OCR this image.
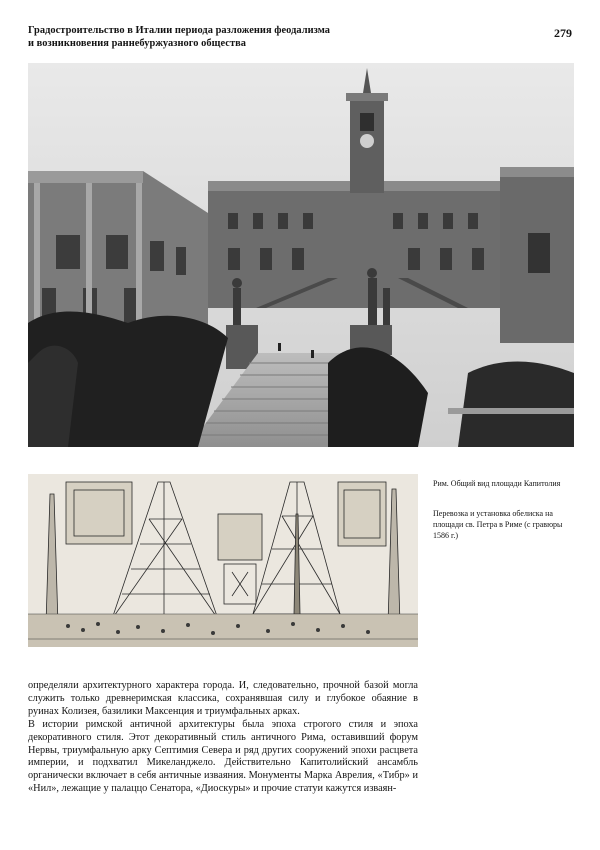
Градостроительство в Италии периода разложения феодализма
и возникновения раннебуржуазного общества
279
Рим. Общий вид площади Капитолия
Перевозка и установка обелиска на площади св. Петра в Риме (с гравюры 1586 г.)

определяли архитектурного характера города. И, следовательно, прочной базой могла служить только древнеримская классика, сохранявшая силу и глубокое обаяние в руинах Колизея, базилики Максенция и триумфальных арках.

В истории римской античной архитектуры была эпоха строгого стиля и эпоха декоративного стиля. Этот декоративный стиль античного Рима, оставивший форум Нервы, триумфальную арку Септимия Севера и ряд других сооружений эпохи расцвета империи, и подхватил Микеланджело. Действительно Капитолийский ансамбль органически включает в себя античные изваяния. Монументы Марка Аврелия, «Тибр» и «Нил», лежащие у палаццо Сенатора, «Диоскуры» и прочие статуи кажутся изваян-
